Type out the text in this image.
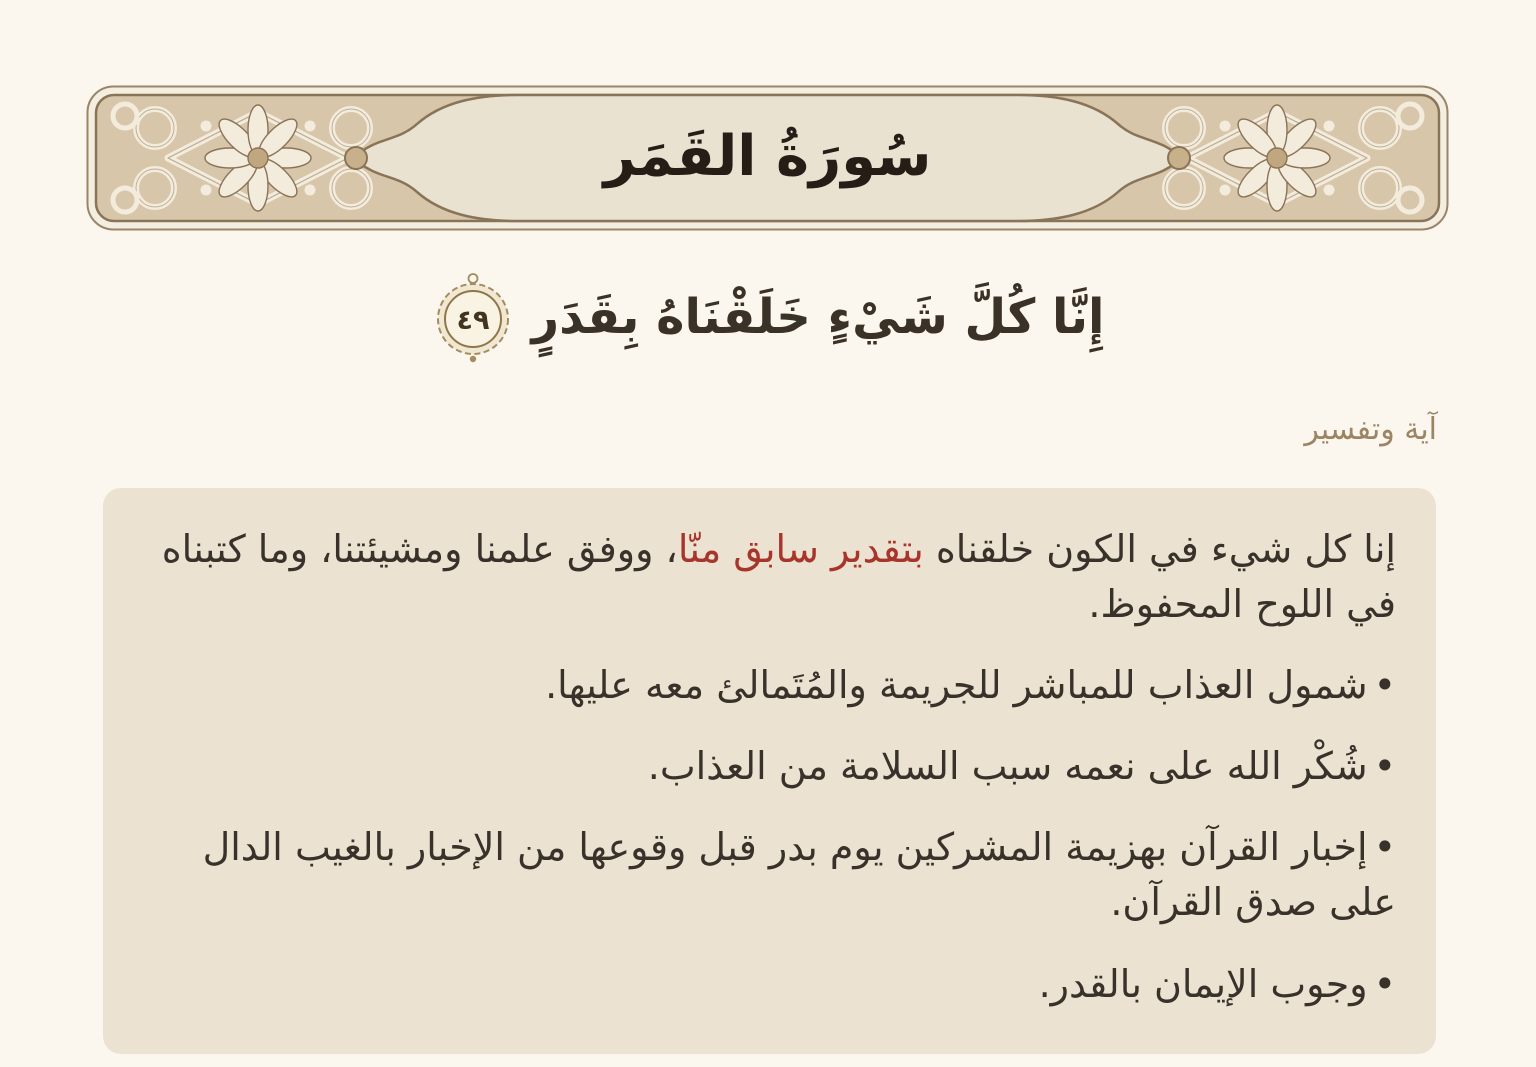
سُورَةُ القَمَر
إِنَّا كُلَّ شَيْءٍ خَلَقْنَاهُ بِقَدَرٍ
٤٩
آية وتفسير

إنا كل شيء في الكون خلقناه بتقدير سابق منّا، ووفق علمنا ومشيئتنا، وما كتبناه في اللوح المحفوظ.

•شمول العذاب للمباشر للجريمة والمُتَمالئ معه عليها.

•شُكْر الله على نعمه سبب السلامة من العذاب.

•إخبار القرآن بهزيمة المشركين يوم بدر قبل وقوعها من الإخبار بالغيب الدال على صدق القرآن.

•وجوب الإيمان بالقدر.
